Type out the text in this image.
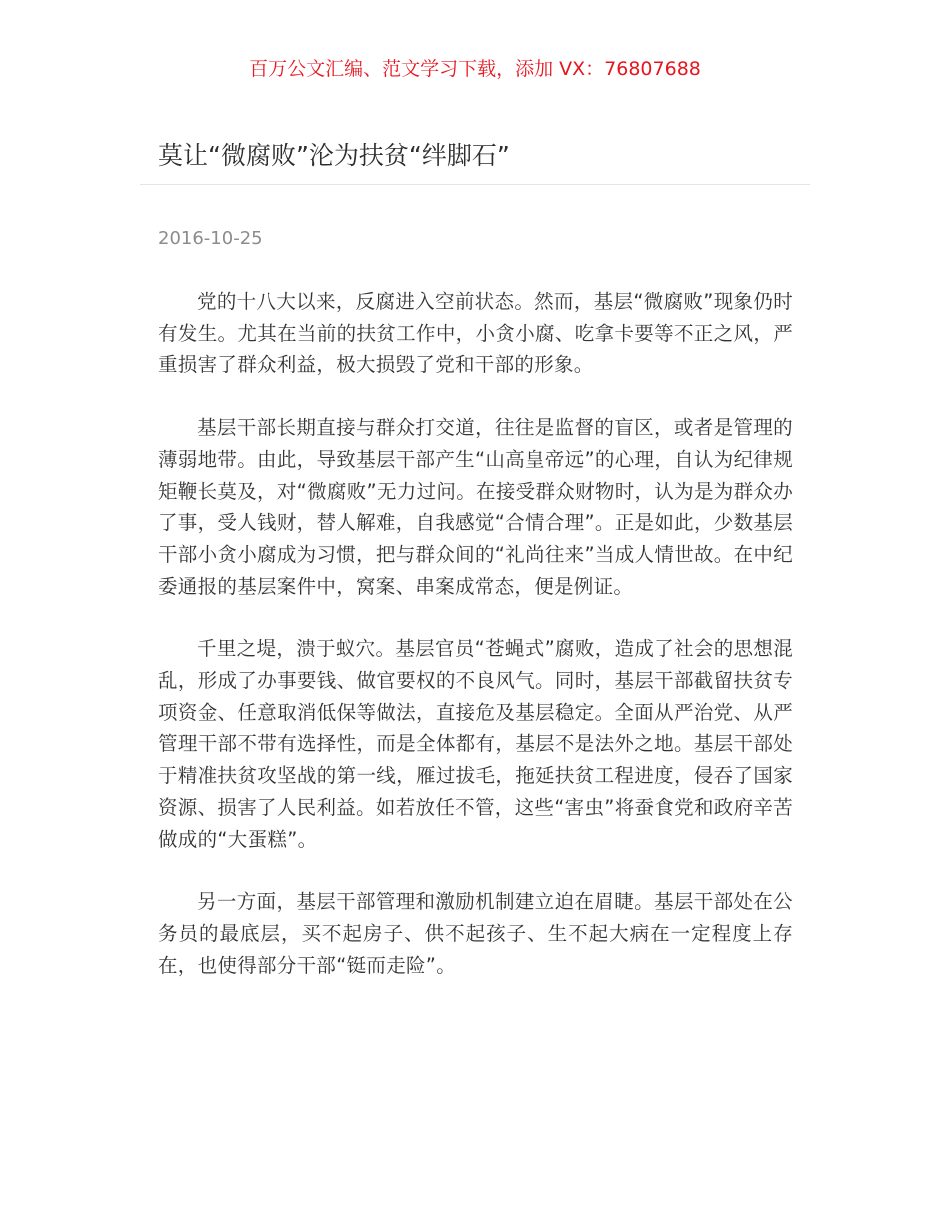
百万公文汇编、范文学习下载，添加 VX：76807688
莫让“微腐败”沦为扶贫“绊脚石”
2016-10-25

党的十八大以来，反腐进入空前状态。然而，基层“微腐败”现象仍时有发生。尤其在当前的扶贫工作中，小贪小腐、吃拿卡要等不正之风，严重损害了群众利益，极大损毁了党和干部的形象。

基层干部长期直接与群众打交道，往往是监督的盲区，或者是管理的薄弱地带。由此，导致基层干部产生“山高皇帝远”的心理，自认为纪律规矩鞭长莫及，对“微腐败”无力过问。在接受群众财物时，认为是为群众办了事，受人钱财，替人解难，自我感觉“合情合理”。正是如此，少数基层干部小贪小腐成为习惯，把与群众间的“礼尚往来”当成人情世故。在中纪委通报的基层案件中，窝案、串案成常态，便是例证。

千里之堤，溃于蚁穴。基层官员“苍蝇式”腐败，造成了社会的思想混乱，形成了办事要钱、做官要权的不良风气。同时，基层干部截留扶贫专项资金、任意取消低保等做法，直接危及基层稳定。全面从严治党、从严管理干部不带有选择性，而是全体都有，基层不是法外之地。基层干部处于精准扶贫攻坚战的第一线，雁过拔毛，拖延扶贫工程进度，侵吞了国家资源、损害了人民利益。如若放任不管，这些“害虫”将蚕食党和政府辛苦做成的“大蛋糕”。

另一方面，基层干部管理和激励机制建立迫在眉睫。基层干部处在公务员的最底层，买不起房子、供不起孩子、生不起大病在一定程度上存在，也使得部分干部“铤而走险”。
